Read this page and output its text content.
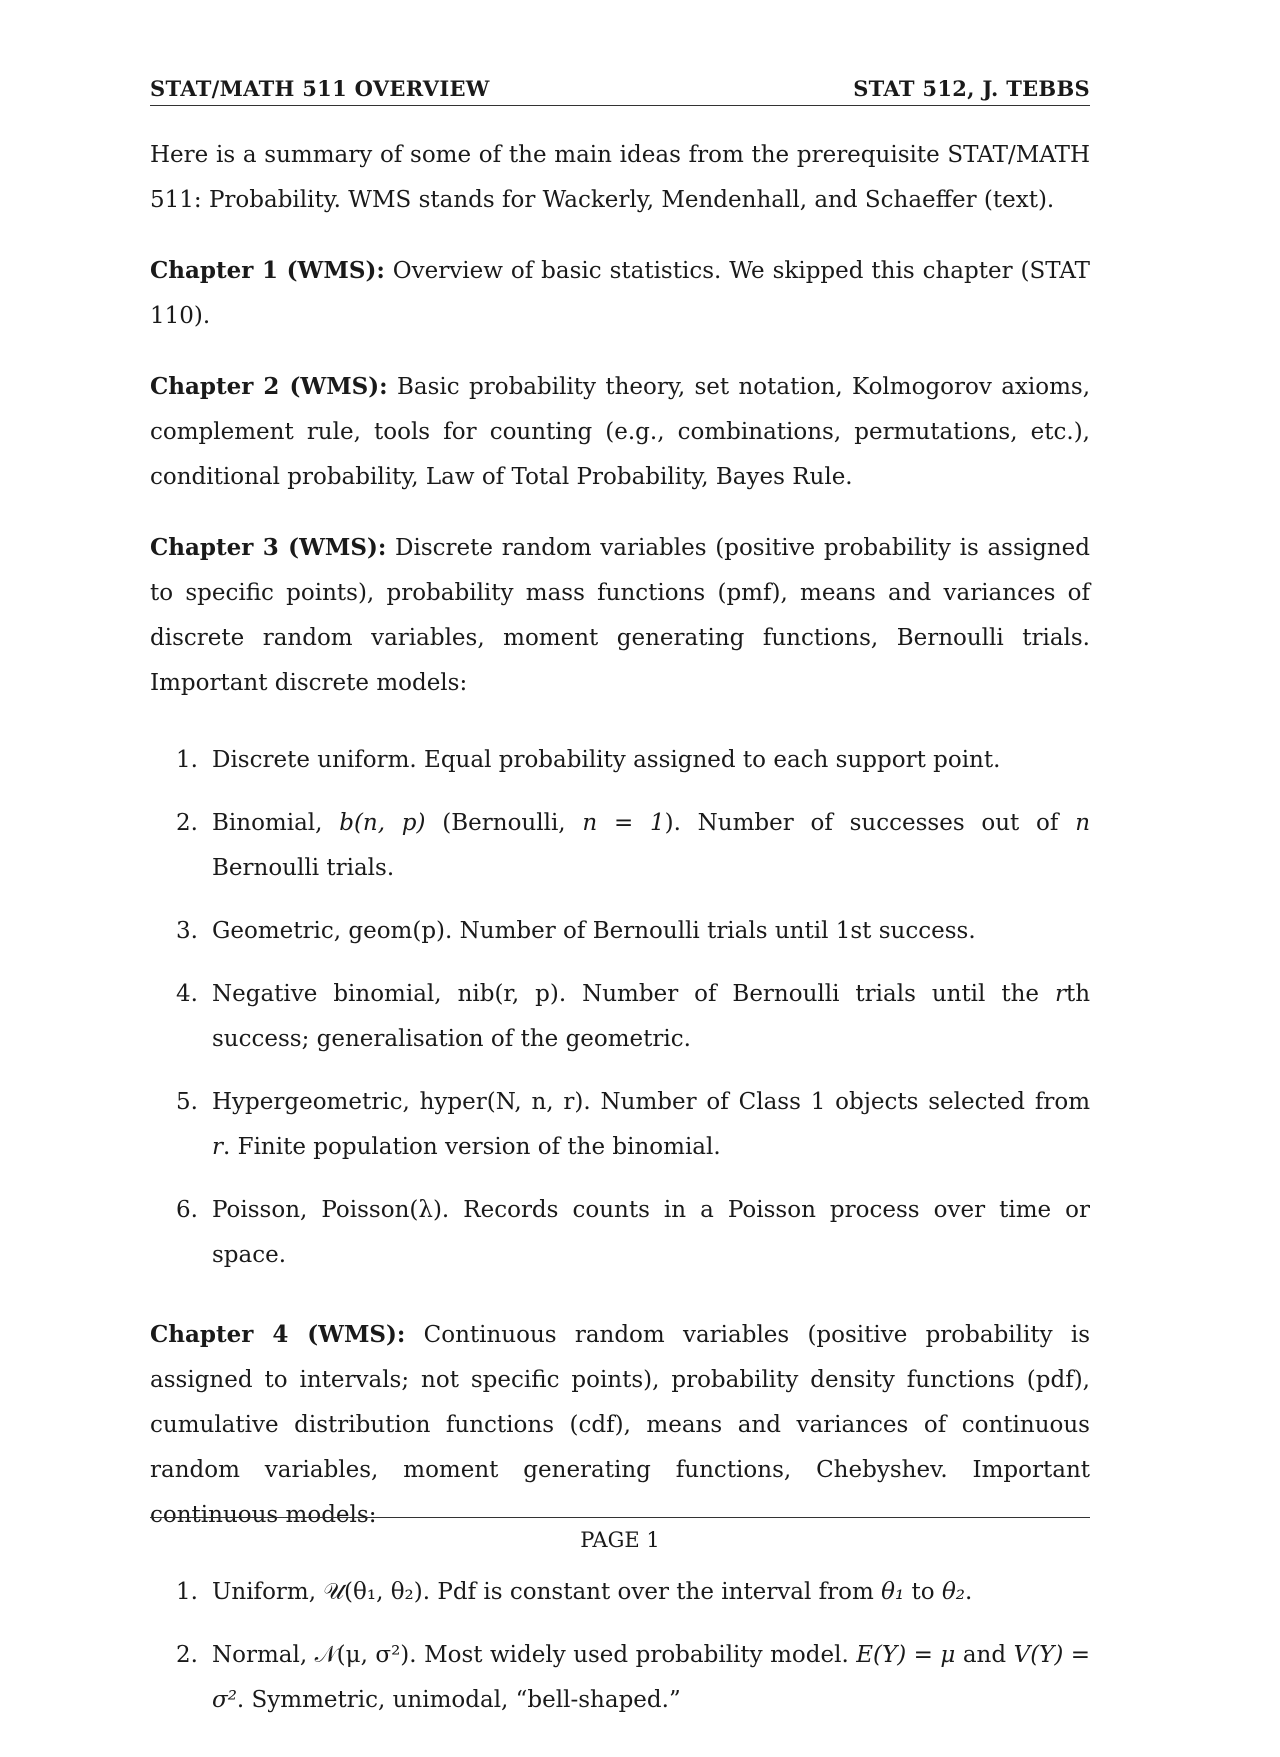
STAT/MATH 511 OVERVIEW	STAT 512, J. TEBBS

Here is a summary of some of the main ideas from the prerequisite STAT/MATH 511: Probability. WMS stands for Wackerly, Mendenhall, and Schaeffer (text).

Chapter 1 (WMS): Overview of basic statistics. We skipped this chapter (STAT 110).

Chapter 2 (WMS): Basic probability theory, set notation, Kolmogorov axioms, complement rule, tools for counting (e.g., combinations, permutations, etc.), conditional probability, Law of Total Probability, Bayes Rule.

Chapter 3 (WMS): Discrete random variables (positive probability is assigned to specific points), probability mass functions (pmf), means and variances of discrete random variables, moment generating functions, Bernoulli trials. Important discrete models:

1. Discrete uniform. Equal probability assigned to each support point.
2. Binomial, b(n, p) (Bernoulli, n = 1). Number of successes out of n Bernoulli trials.
3. Geometric, geom(p). Number of Bernoulli trials until 1st success.
4. Negative binomial, nib(r, p). Number of Bernoulli trials until the rth success; generalisation of the geometric.
5. Hypergeometric, hyper(N, n, r). Number of Class 1 objects selected from r. Finite population version of the binomial.
6. Poisson, Poisson(λ). Records counts in a Poisson process over time or space.

Chapter 4 (WMS): Continuous random variables (positive probability is assigned to intervals; not specific points), probability density functions (pdf), cumulative distribution functions (cdf), means and variances of continuous random variables, moment generating functions, Chebyshev. Important continuous models:

1. Uniform, 𝒰(θ₁, θ₂). Pdf is constant over the interval from θ₁ to θ₂.
2. Normal, 𝒩(μ, σ²). Most widely used probability model. E(Y) = μ and V(Y) = σ². Symmetric, unimodal, “bell-shaped.”
PAGE 1
